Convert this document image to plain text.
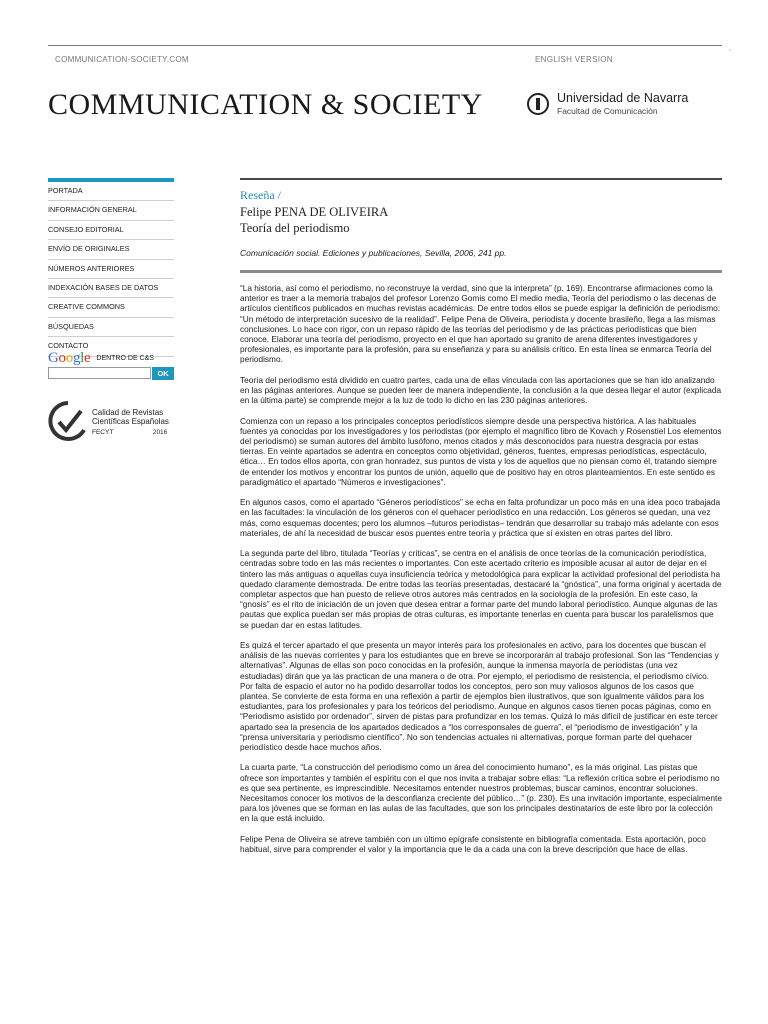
◦
COMMUNICATION-SOCIETY.COM	ENGLISH VERSION
COMMUNICATION & SOCIETY	Universidad de Navarra
Facultad de Comunicación
PORTADA
INFORMACIÓN GENERAL
CONSEJO EDITORIAL
ENVÍO DE ORIGINALES
NÚMEROS ANTERIORES
INDEXACIÓN BASES DE DATOS
CREATIVE COMMONS
BÚSQUEDAS
CONTACTO
Google DENTRO DE C&S
OK
Calidad de Revistas
Científicas Españolas
FECYT	2016
Reseña /
Felipe PENA DE OLIVEIRA
Teoría del periodismo
Comunicación social. Ediciones y publicaciones, Sevilla, 2006, 241 pp.

“La historia, así como el periodismo, no reconstruye la verdad, sino que la interpreta” (p. 169). Encontrarse afirmaciones como la anterior es traer a la memoria trabajos del profesor Lorenzo Gomis como El medio media, Teoría del periodismo o las decenas de artículos científicos publicados en muchas revistas académicas. De entre todos ellos se puede espigar la definición de periodismo: “Un método de interpretación sucesivo de la realidad”. Felipe Pena de Oliveira, periodista y docente brasileño, llega a las mismas conclusiones. Lo hace con rigor, con un repaso rápido de las teorías del periodismo y de las prácticas periodísticas que bien conoce. Elaborar una teoría del periodismo, proyecto en el que han aportado su granito de arena diferentes investigadores y profesionales, es importante para la profesión, para su enseñanza y para su análisis crítico. En esta línea se enmarca Teoría del periodismo.

Teoría del periodismo está dividido en cuatro partes, cada una de ellas vinculada con las aportaciones que se han ido analizando en las páginas anteriores. Aunque se pueden leer de manera independiente, la conclusión a la que desea llegar el autor (explicada en la última parte) se comprende mejor a la luz de todo lo dicho en las 230 páginas anteriores.

Comienza con un repaso a los principales conceptos periodísticos siempre desde una perspectiva histórica. A las habituales fuentes ya conocidas por los investigadores y los periodistas (por ejemplo el magnífico libro de Kovach y Rosenstiel Los elementos del periodismo) se suman autores del ámbito lusófono, menos citados y más desconocidos para nuestra desgracia por estas tierras. En veinte apartados se adentra en conceptos como objetividad, géneros, fuentes, empresas periodísticas, espectáculo, ética… En todos ellos aporta, con gran honradez, sus puntos de vista y los de aquellos que no piensan como él, tratando siempre de entender los motivos y encontrar los puntos de unión, aquello que de positivo hay en otros planteamientos. En este sentido es paradigmático el apartado “Números e investigaciones”.

En algunos casos, como el apartado “Géneros periodísticos” se echa en falta profundizar un poco más en una idea poco trabajada en las facultades: la vinculación de los géneros con el quehacer periodístico en una redacción. Los géneros se quedan, una vez más, como esquemas docentes; pero los alumnos –futuros periodistas– tendrán que desarrollar su trabajo más adelante con esos materiales, de ahí la necesidad de buscar esos puentes entre teoría y práctica que sí existen en otras partes del libro.

La segunda parte del libro, titulada “Teorías y críticas”, se centra en el análisis de once teorías de la comunicación periodística, centradas sobre todo en las más recientes o importantes. Con este acertado criterio es imposible acusar al autor de dejar en el tintero las más antiguas o aquellas cuya insuficiencia teórica y metodológica para explicar la actividad profesional del periodista ha quedado claramente demostrada. De entre todas las teorías presentadas, destacaré la “gnóstica”, una forma original y acertada de completar aspectos que han puesto de relieve otros autores más centrados en la sociología de la profesión. En este caso, la “gnosis” es el rito de iniciación de un joven que desea entrar a formar parte del mundo laboral periodístico. Aunque algunas de las pautas que explica puedan ser más propias de otras culturas, es importante tenerlas en cuenta para buscar los paralelismos que se puedan dar en estas latitudes.

Es quizá el tercer apartado el que presenta un mayor interés para los profesionales en activo, para los docentes que buscan el análisis de las nuevas corrientes y para los estudiantes que en breve se incorporarán al trabajo profesional. Son las “Tendencias y alternativas”. Algunas de ellas son poco conocidas en la profesión, aunque la inmensa mayoría de periodistas (una vez estudiadas) dirán que ya las practican de una manera o de otra. Por ejemplo, el periodismo de resistencia, el periodismo cívico. Por falta de espacio el autor no ha podido desarrollar todos los conceptos, pero son muy valiosos algunos de los casos que plantea. Se convierte de esta forma en una reflexión a partir de ejemplos bien ilustrativos, que son igualmente válidos para los estudiantes, para los profesionales y para los teóricos del periodismo. Aunque en algunos casos tienen pocas páginas, como en “Periodismo asistido por ordenador”, sirven de pistas para profundizar en los temas. Quizá lo más difícil de justificar en este tercer apartado sea la presencia de los apartados dedicados a “los corresponsales de guerra”, el “periodismo de investigación” y la “prensa universitaria y periodismo científico”. No son tendencias actuales ni alternativas, porque forman parte del quehacer periodístico desde hace muchos años.

La cuarta parte, “La construcción del periodismo como un área del conocimiento humano”, es la más original. Las pistas que ofrece son importantes y también el espíritu con el que nos invita a trabajar sobre ellas: “La reflexión crítica sobre el periodismo no es que sea pertinente, es imprescindible. Necesitamos entender nuestros problemas, buscar caminos, encontrar soluciones. Necesitamos conocer los motivos de la desconfianza creciente del público…” (p. 230). Es una invitación importante, especialmente para los jóvenes que se forman en las aulas de las facultades, que son los principales destinatarios de este libro por la colección en la que está incluido.

Felipe Pena de Oliveira se atreve también con un último epígrafe consistente en bibliografía comentada. Esta aportación, poco habitual, sirve para comprender el valor y la importancia que le da a cada una con la breve descripción que hace de ellas.
